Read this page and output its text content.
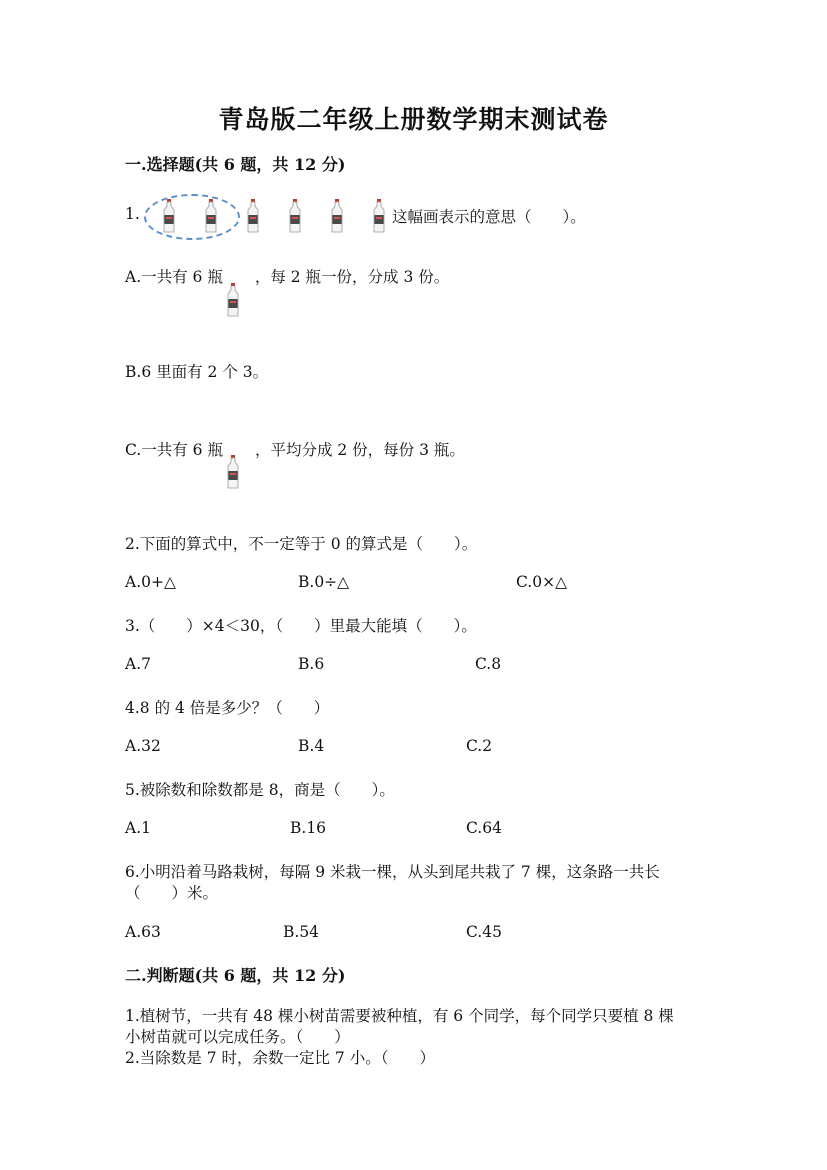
青岛版二年级上册数学期末测试卷
一.选择题(共 6 题，共 12 分)
1.	这幅画表示的意思（　　）。
A.一共有 6 瓶 ，每 2 瓶一份，分成 3 份。
B.6 里面有 2 个 3。
C.一共有 6 瓶 ，平均分成 2 份，每份 3 瓶。
2.下面的算式中，不一定等于 0 的算式是（　　）。
A.0+△	B.0÷△	C.0×△
3.（　　）×4＜30，（　　）里最大能填（　　）。
A.7	B.6	C.8
4.8 的 4 倍是多少？（　　）
A.32	B.4	C.2
5.被除数和除数都是 8，商是（　　）。
A.1	B.16	C.64
6.小明沿着马路栽树，每隔 9 米栽一棵，从头到尾共栽了 7 棵，这条路一共长
（　　）米。
A.63	B.54	C.45
二.判断题(共 6 题，共 12 分)
1.植树节，一共有 48 棵小树苗需要被种植，有 6 个同学，每个同学只要植 8 棵
小树苗就可以完成任务。（　　）
2.当除数是 7 时，余数一定比 7 小。（　　）
